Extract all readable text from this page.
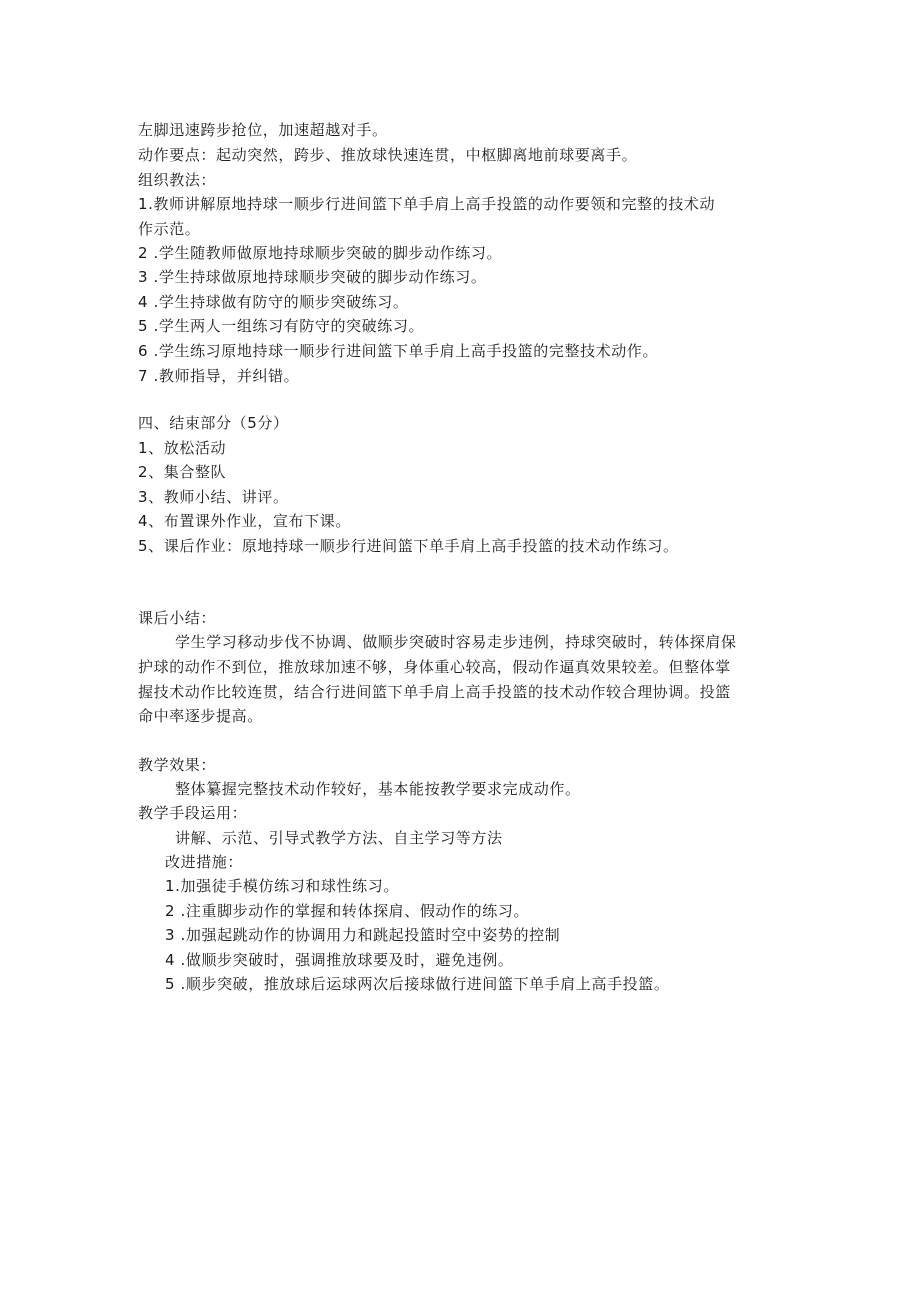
左脚迅速跨步抢位，加速超越对手。
动作要点：起动突然，跨步、推放球快速连贯，中枢脚离地前球要离手。
组织教法：
1.教师讲解原地持球一顺步行进间篮下单手肩上高手投篮的动作要领和完整的技术动
作示范。
2 .学生随教师做原地持球顺步突破的脚步动作练习。
3 .学生持球做原地持球顺步突破的脚步动作练习。
4 .学生持球做有防守的顺步突破练习。
5 .学生两人一组练习有防守的突破练习。
6 .学生练习原地持球一顺步行进间篮下单手肩上高手投篮的完整技术动作。
7 .教师指导，并纠错。
四、结束部分（5分）
1、放松活动
2、集合整队
3、教师小结、讲评。
4、布置课外作业，宣布下课。
5、课后作业：原地持球一顺步行进间篮下单手肩上高手投篮的技术动作练习。
课后小结：
学生学习移动步伐不协调、做顺步突破时容易走步违例，持球突破时，转体探肩保
护球的动作不到位，推放球加速不够，身体重心较高，假动作逼真效果较差。但整体掌
握技术动作比较连贯，结合行进间篮下单手肩上高手投篮的技术动作较合理协调。投篮
命中率逐步提高。
教学效果：
整体纂握完整技术动作较好，基本能按教学要求完成动作。
教学手段运用：
讲解、示范、引导式教学方法、自主学习等方法
改进措施：
1.加强徒手模仿练习和球性练习。
2 .注重脚步动作的掌握和转体探肩、假动作的练习。
3 .加强起跳动作的协调用力和跳起投篮时空中姿势的控制
4 .做顺步突破时，强调推放球要及时，避免违例。
5 .顺步突破，推放球后运球两次后接球做行进间篮下单手肩上高手投篮。
